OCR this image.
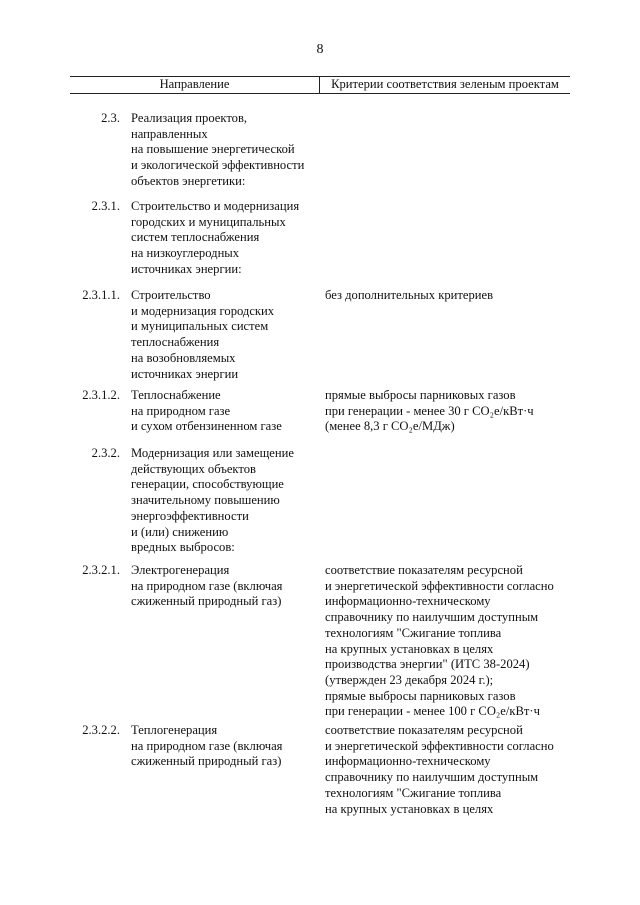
8
Направление	Критерии соответствия зеленым проектам
2.3. Реализация проектов,
направленных
на повышение энергетической
и экологической эффективности
объектов энергетики:
2.3.1. Строительство и модернизация
городских и муниципальных
систем теплоснабжения
на низкоуглеродных
источниках энергии:
2.3.1.1. Строительство
и модернизация городских
и муниципальных систем
теплоснабжения
на возобновляемых
источниках энергии
без дополнительных критериев
2.3.1.2. Теплоснабжение
на природном газе
и сухом отбензиненном газе
прямые выбросы парниковых газов
при генерации - менее 30 г CO₂e/кВт·ч
(менее 8,3 г CO₂e/МДж)
2.3.2. Модернизация или замещение
действующих объектов
генерации, способствующие
значительному повышению
энергоэффективности
и (или) снижению
вредных выбросов:
2.3.2.1. Электрогенерация
на природном газе (включая
сжиженный природный газ)
соответствие показателям ресурсной
и энергетической эффективности согласно
информационно-техническому
справочнику по наилучшим доступным
технологиям "Сжигание топлива
на крупных установках в целях
производства энергии" (ИТС 38-2024)
(утвержден 23 декабря 2024 г.);
прямые выбросы парниковых газов
при генерации - менее 100 г CO₂e/кВт·ч
2.3.2.2. Теплогенерация
на природном газе (включая
сжиженный природный газ)
соответствие показателям ресурсной
и энергетической эффективности согласно
информационно-техническому
справочнику по наилучшим доступным
технологиям "Сжигание топлива
на крупных установках в целях
